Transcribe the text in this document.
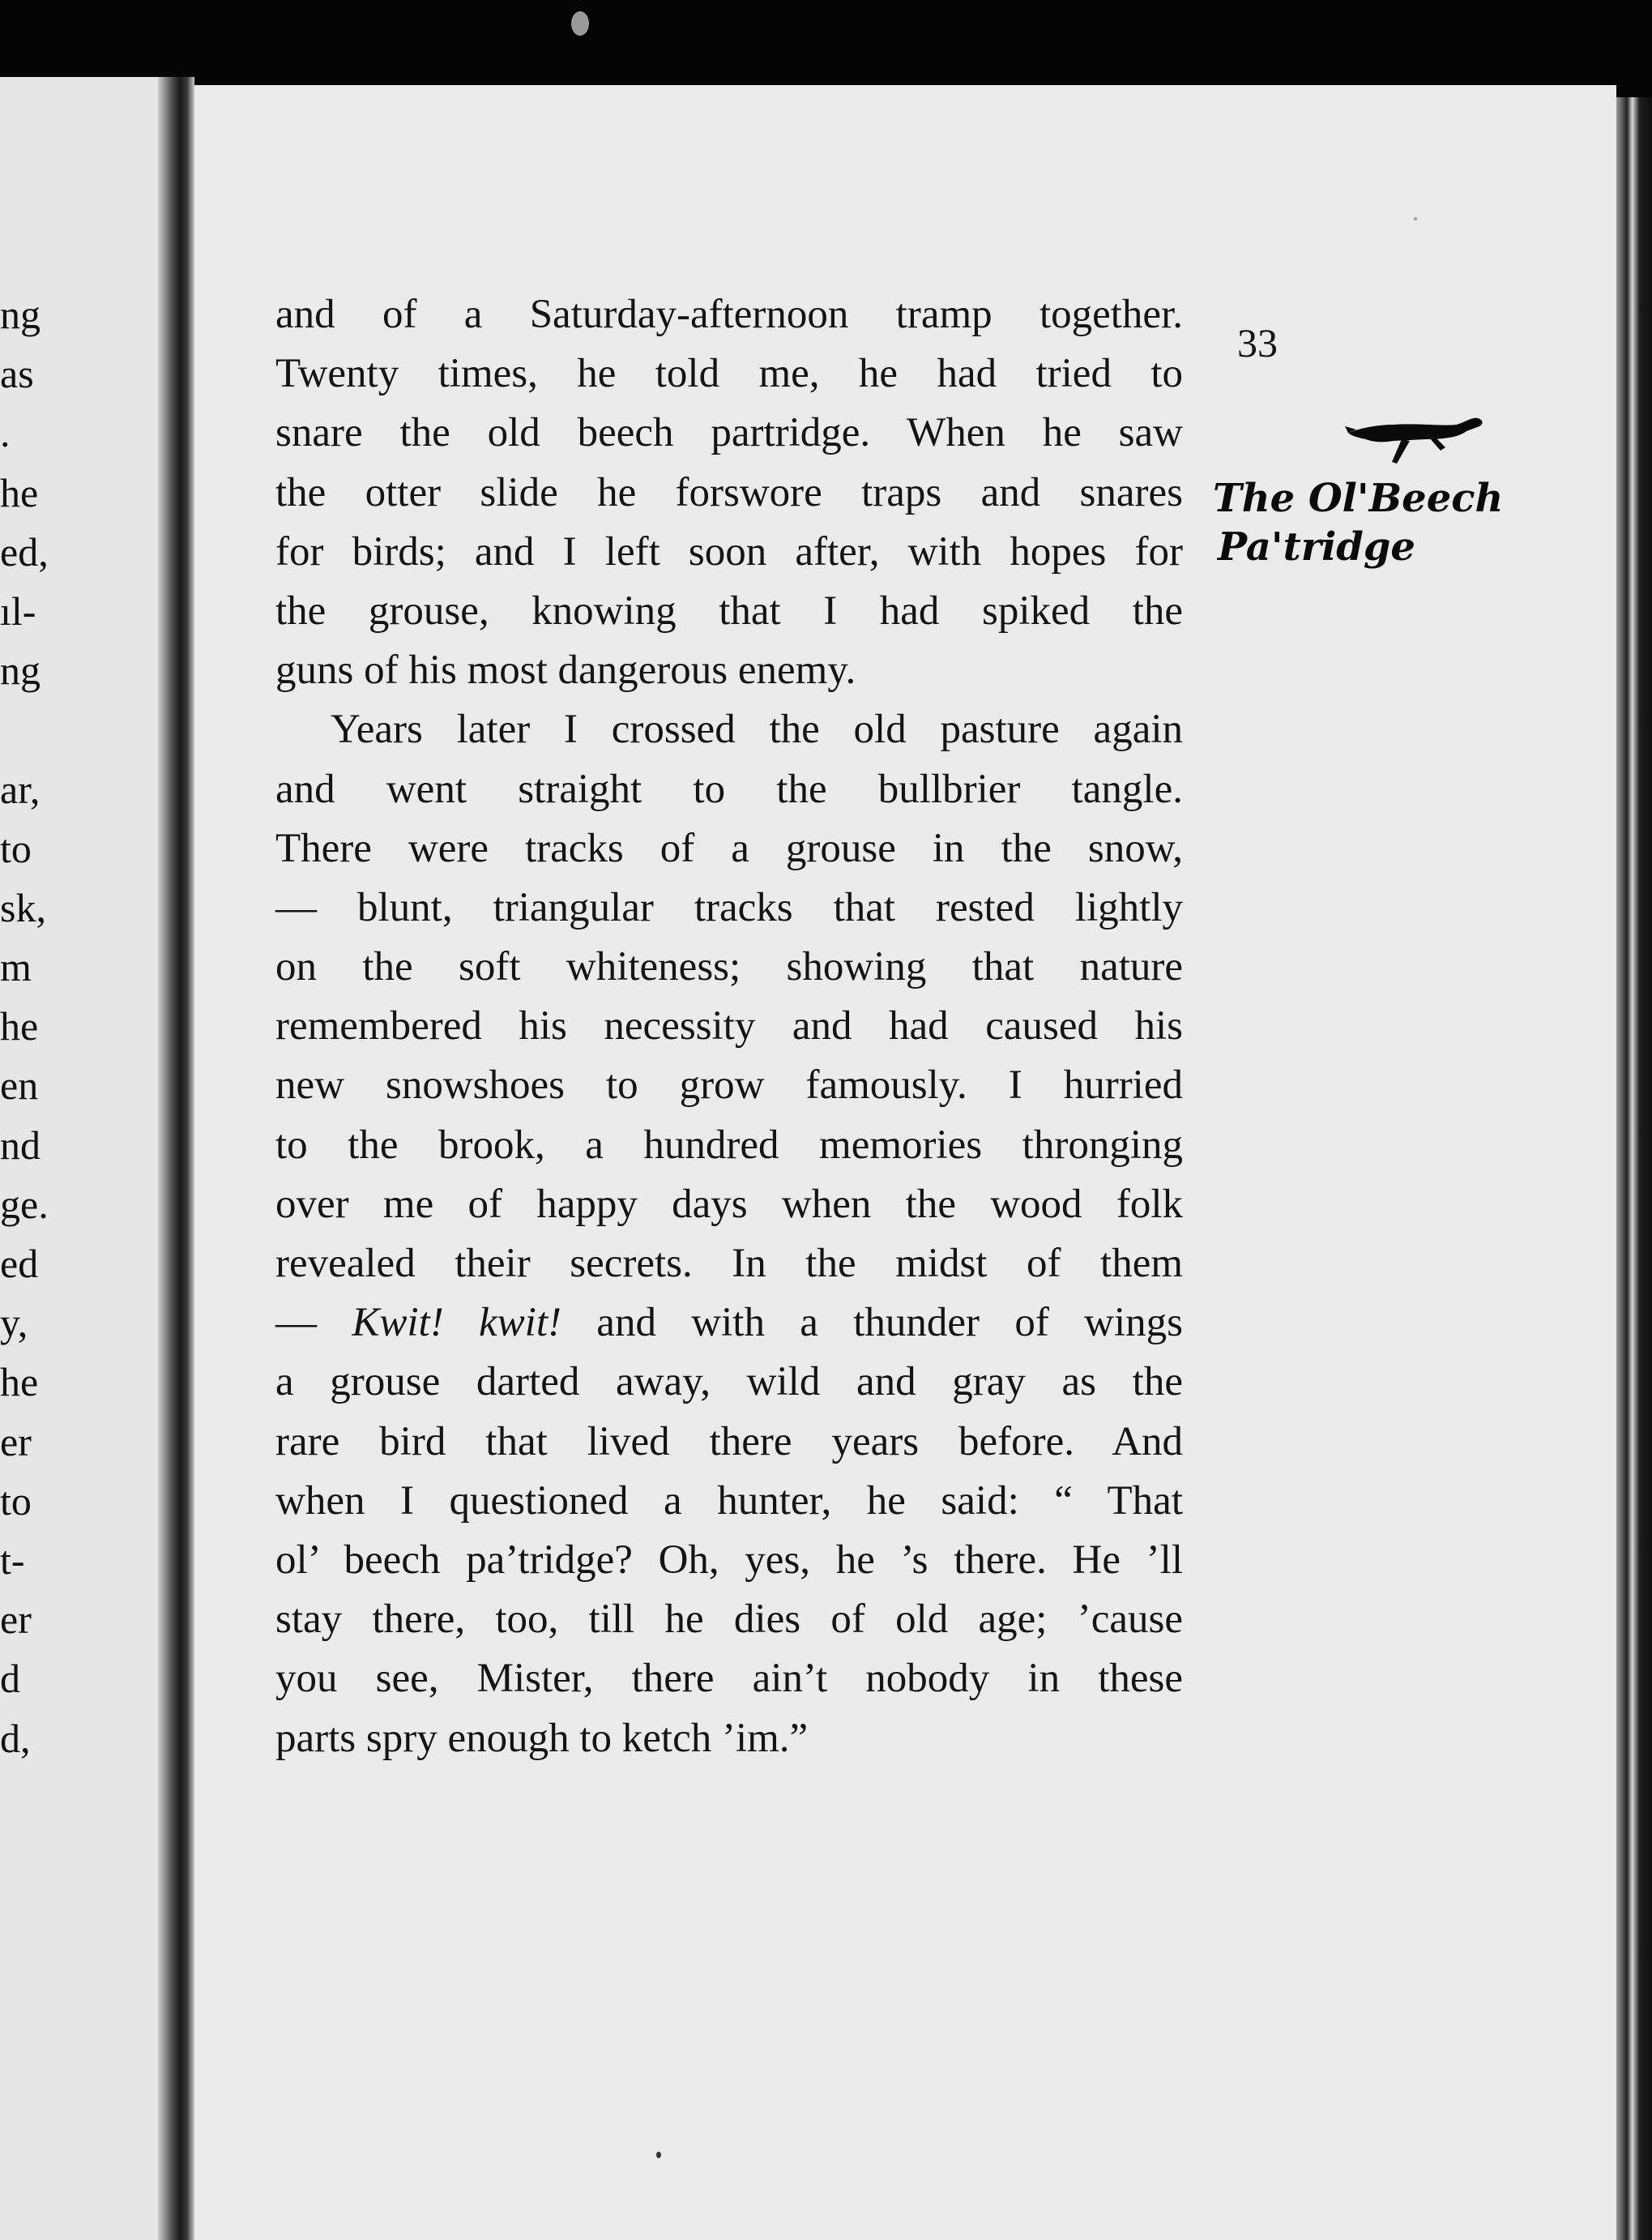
ng
as
.
he
ed,
ıl-
ng
ar,
to
sk,
m
he
en
nd
ge.
ed
y,
he
er
to
t-
er
d
d,
and of a Saturday-afternoon tramp together.
Twenty times, he told me, he had tried to
snare the old beech partridge. When he saw
the otter slide he forswore traps and snares
for birds; and I left soon after, with hopes for
the grouse, knowing that I had spiked the
guns of his most dangerous enemy.
Years later I crossed the old pasture again
and went straight to the bullbrier tangle.
There were tracks of a grouse in the snow,
— blunt, triangular tracks that rested lightly
on the soft whiteness; showing that nature
remembered his necessity and had caused his
new snowshoes to grow famously. I hurried
to the brook, a hundred memories thronging
over me of happy days when the wood folk
revealed their secrets. In the midst of them
— Kwit! kwit! and with a thunder of wings
a grouse darted away, wild and gray as the
rare bird that lived there years before. And
when I questioned a hunter, he said: “ That
ol’ beech pa’tridge? Oh, yes, he ’s there. He ’ll
stay there, too, till he dies of old age; ’cause
you see, Mister, there ain’t nobody in these
parts spry enough to ketch ’im.”
33
The Ol'Beech
Pa'tridge
